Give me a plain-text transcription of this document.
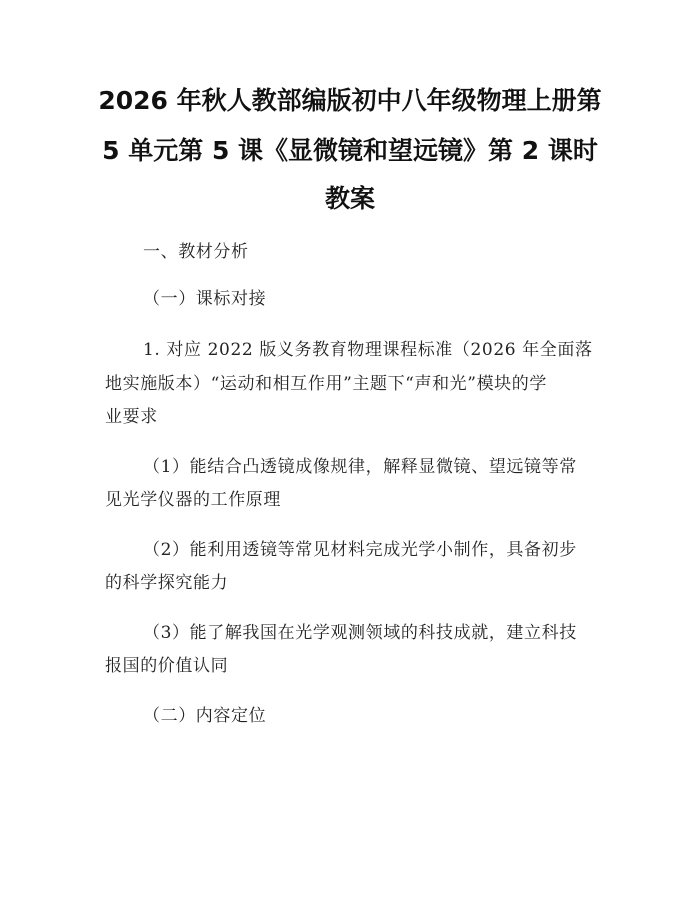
2026 年秋人教部编版初中八年级物理上册第
5 单元第 5 课《显微镜和望远镜》第 2 课时
教案
一、教材分析
（一）课标对接
1. 对应 2022 版义务教育物理课程标准（2026 年全面落
地实施版本）“运动和相互作用”主题下“声和光”模块的学
业要求
（1）能结合凸透镜成像规律，解释显微镜、望远镜等常
见光学仪器的工作原理
（2）能利用透镜等常见材料完成光学小制作，具备初步
的科学探究能力
（3）能了解我国在光学观测领域的科技成就，建立科技
报国的价值认同
（二）内容定位
